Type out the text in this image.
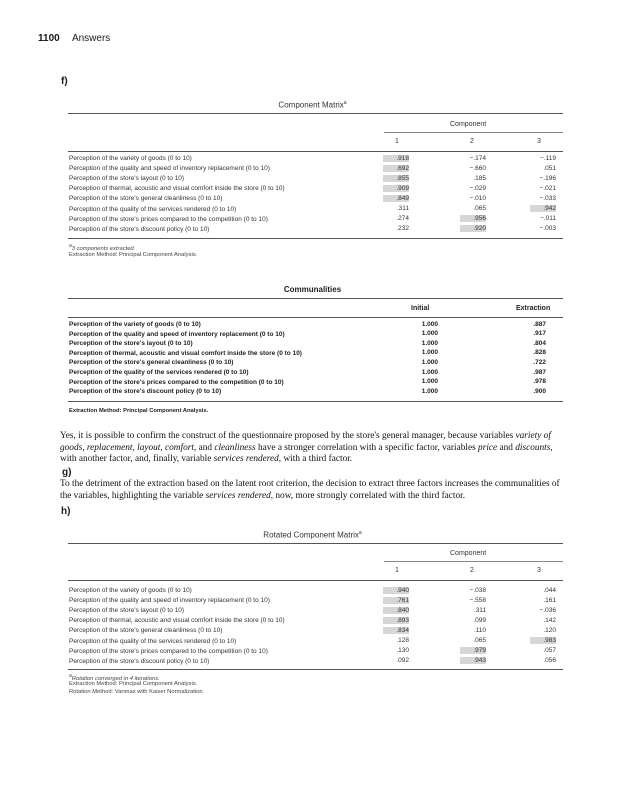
1100 Answers
f)
Component Matrix$^a$
Component
1	2	3
Perception of the variety of goods (0 to 10)	.918	−.174	−.119
Perception of the quality and speed of inventory replacement (0 to 10)	.692	−.660	.051
Perception of the store's layout (0 to 10)	.855	.185	−.196
Perception of thermal, acoustic and visual comfort inside the store (0 to 10)	.909	−.029	−.021
Perception of the store's general cleanliness (0 to 10)	.849	−.010	−.033
Perception of the quality of the services rendered (0 to 10)	.311	.065	.942
Perception of the store's prices compared to the competition (0 to 10)	.274	.956	−.011
Perception of the store's discount policy (0 to 10)	.232	.920	−.003
a3 components extracted.
Extraction Method: Principal Component Analysis.
Communalities
Initial	Extraction
Perception of the variety of goods (0 to 10)	1.000	.887
Perception of the quality and speed of inventory replacement (0 to 10)	1.000	.917
Perception of the store's layout (0 to 10)	1.000	.804
Perception of thermal, acoustic and visual comfort inside the store (0 to 10)	1.000	.828
Perception of the store's general cleanliness (0 to 10)	1.000	.722
Perception of the quality of the services rendered (0 to 10)	1.000	.987
Perception of the store's prices compared to the competition (0 to 10)	1.000	.978
Perception of the store's discount policy (0 to 10)	1.000	.900
Extraction Method: Principal Component Analysis.
Yes, it is possible to confirm the construct of the questionnaire proposed by the store's general manager, because variables variety of goods, replacement, layout, comfort, and cleanliness have a stronger correlation with a specific factor, variables price and discounts, with another factor, and, finally, variable services rendered, with a third factor.
g)
To the detriment of the extraction based on the latent root criterion, the decision to extract three factors increases the communalities of the variables, highlighting the variable services rendered, now, more strongly correlated with the third factor.
h)
Rotated Component Matrix$^a$
Component
1	2	3
Perception of the variety of goods (0 to 10)	.940	−.038	.044
Perception of the quality and speed of inventory replacement (0 to 10)	.761	−.558	.161
Perception of the store's layout (0 to 10)	.840	.311	−.036
Perception of thermal, acoustic and visual comfort inside the store (0 to 10)	.893	.099	.142
Perception of the store's general cleanliness (0 to 10)	.834	.110	.120
Perception of the quality of the services rendered (0 to 10)	.128	.065	.983
Perception of the store's prices compared to the competition (0 to 10)	.130	.979	.057
Perception of the store's discount policy (0 to 10)	.092	.943	.056
aRotation converged in 4 iterations.
Extraction Method: Principal Component Analysis.
Rotation Method: Varimax with Kaiser Normalization.
